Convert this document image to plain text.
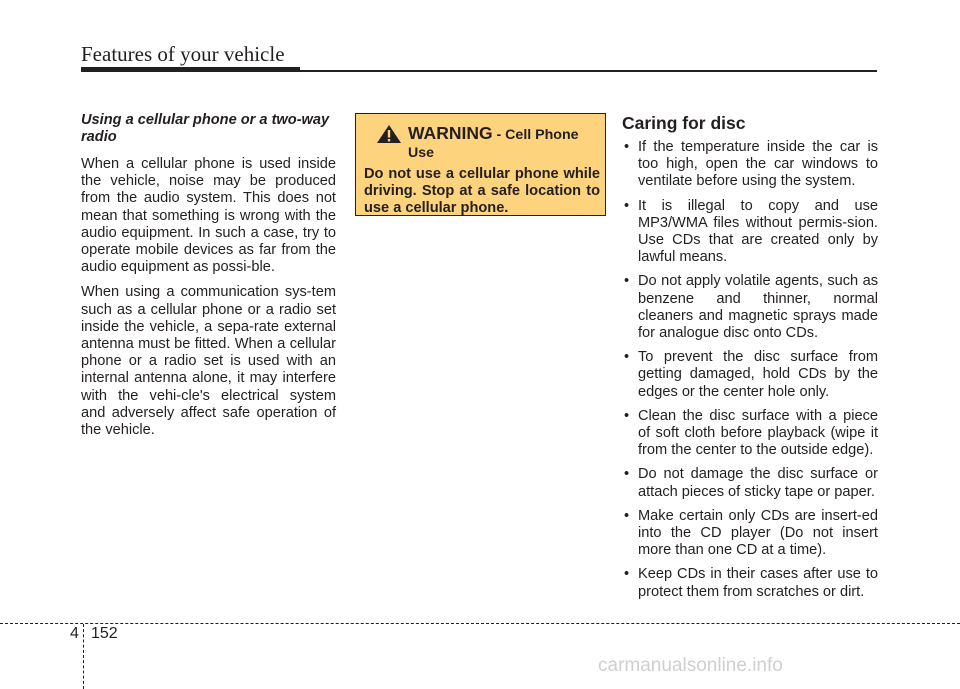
Features of your vehicle
Using a cellular phone or a two-way radio

When a cellular phone is used inside the vehicle, noise may be produced from the audio system. This does not mean that something is wrong with the audio equipment. In such a case, try to operate mobile devices as far from the audio equipment as possi-ble.

When using a communication sys-tem such as a cellular phone or a radio set inside the vehicle, a sepa-rate external antenna must be fitted. When a cellular phone or a radio set is used with an internal antenna alone, it may interfere with the vehi-cle's electrical system and adversely affect safe operation of the vehicle.

WARNING - Cell Phone Use

Do not use a cellular phone while driving. Stop at a safe location to use a cellular phone.

Caring for disc
• If the temperature inside the car is too high, open the car windows to ventilate before using the system.
• It is illegal to copy and use MP3/WMA files without permis-sion. Use CDs that are created only by lawful means.
• Do not apply volatile agents, such as benzene and thinner, normal cleaners and magnetic sprays made for analogue disc onto CDs.
• To prevent the disc surface from getting damaged, hold CDs by the edges or the center hole only.
• Clean the disc surface with a piece of soft cloth before playback (wipe it from the center to the outside edge).
• Do not damage the disc surface or attach pieces of sticky tape or paper.
• Make certain only CDs are insert-ed into the CD player (Do not insert more than one CD at a time).
• Keep CDs in their cases after use to protect them from scratches or dirt.
4 152
carmanualsonline.info
